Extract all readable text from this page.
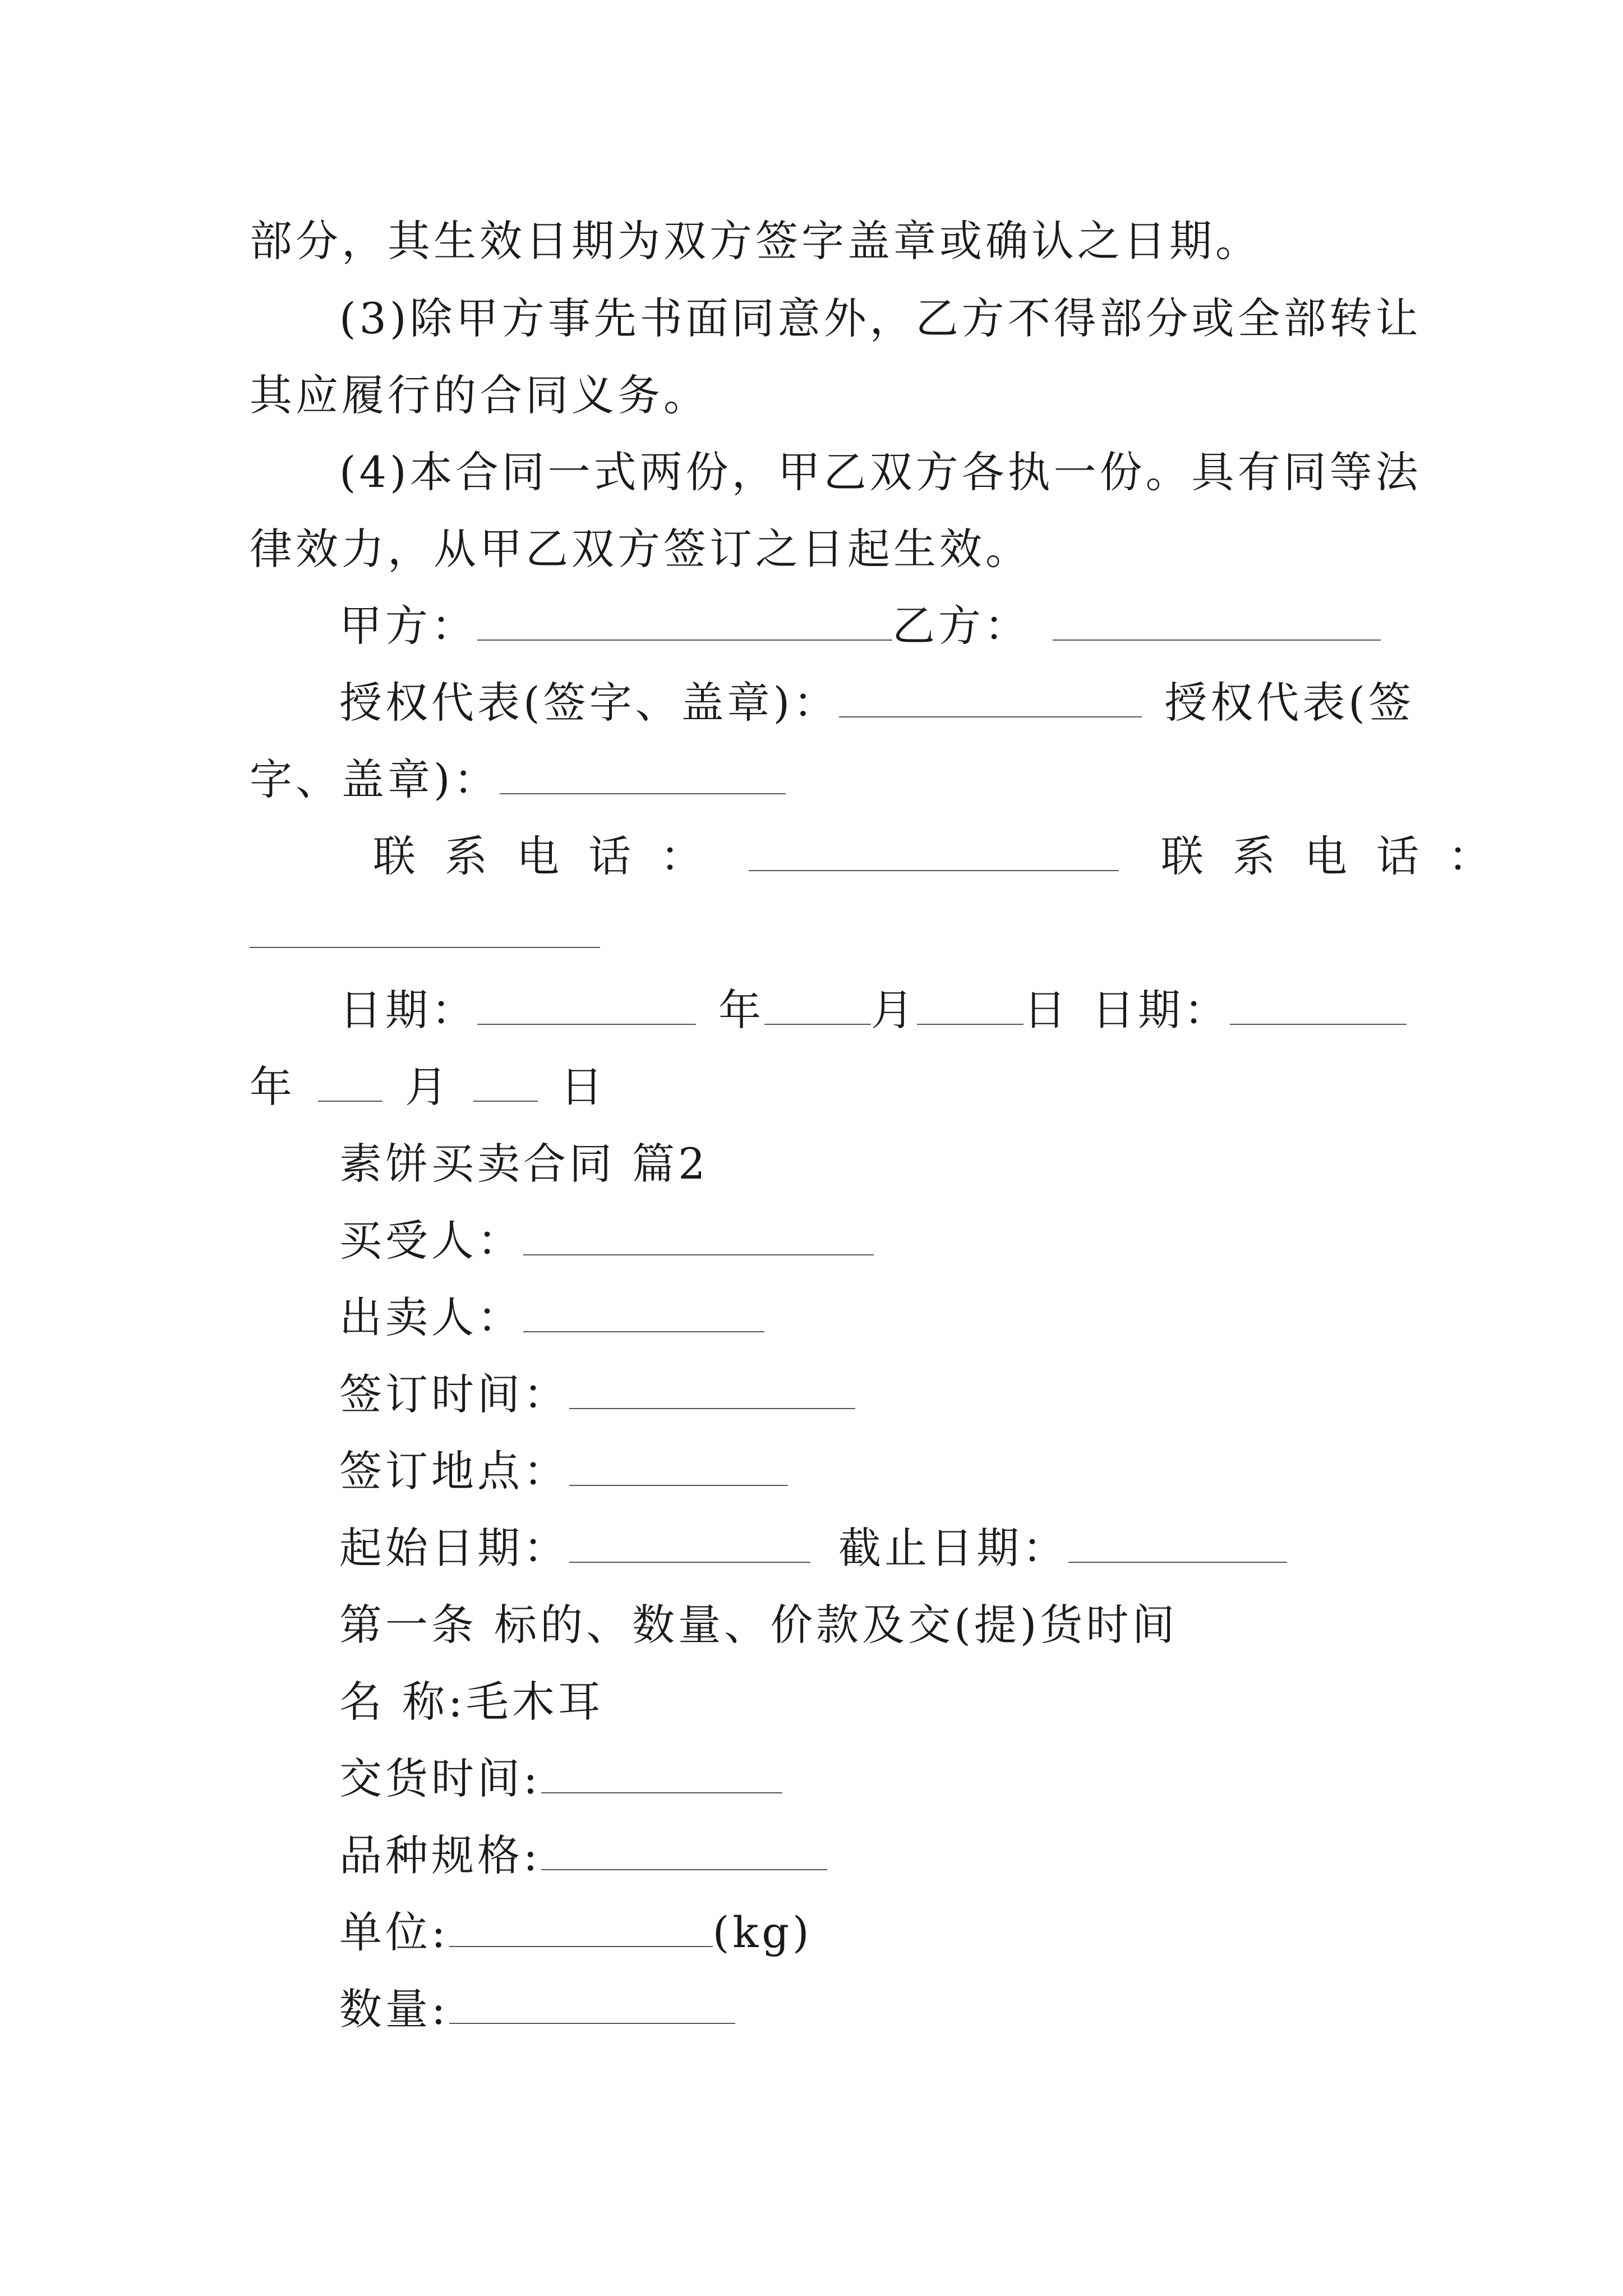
部分，其生效日期为双方签字盖章或确认之日期。
(3)除甲方事先书面同意外，乙方不得部分或全部转让
其应履行的合同义务。
(4)本合同一式两份，甲乙双方各执一份。具有同等法
律效力，从甲乙双方签订之日起生效。
甲方：	乙方：
授权代表(签字、盖章)：	授权代表(签
字、盖章)：
联系电话：	联系电话：
日期：	年	月	日 日期：
年	月	日
素饼买卖合同 篇2
买受人：
出卖人：
签订时间：
签订地点：
起始日期：	截止日期：
第一条 标的、数量、价款及交(提)货时间
名 称:毛木耳
交货时间:
品种规格:
单位:	(kg)
数量:
